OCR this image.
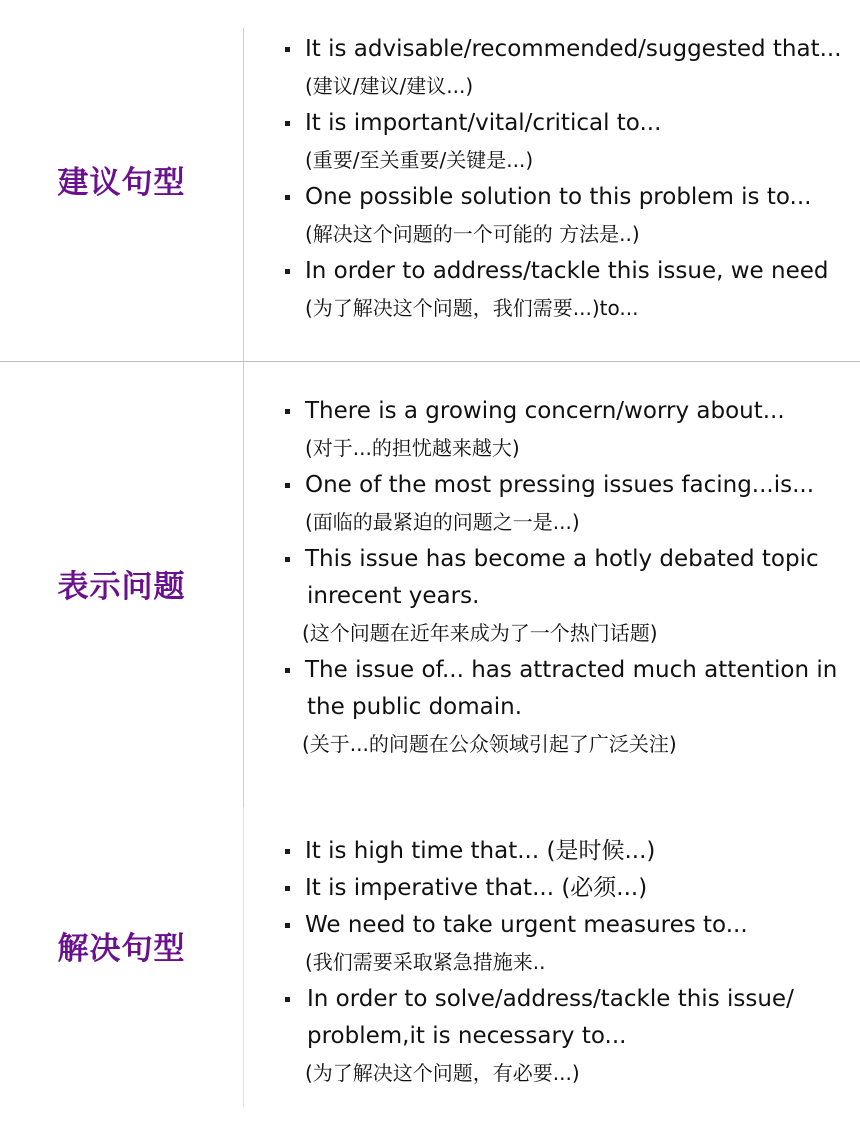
建议句型
It is advisable/recommended/suggested that...
(建议/建议/建议...)
It is important/vital/critical to...
(重要/至关重要/关键是...)
One possible solution to this problem is to...
(解决这个问题的一个可能的 方法是..)
In order to address/tackle this issue, we need
(为了解决这个问题，我们需要...)to...
表示问题
There is a growing concern/worry about...
(对于...的担忧越来越大)
One of the most pressing issues facing...is...
(面临的最紧迫的问题之一是...)
This issue has become a hotly debated topic
inrecent years.
(这个问题在近年来成为了一个热门话题)
The issue of... has attracted much attention in
the public domain.
(关于...的问题在公众领域引起了广泛关注)
解决句型
It is high time that... (是时候...)
It is imperative that... (必须...)
We need to take urgent measures to...
(我们需要采取紧急措施来..
In order to solve/address/tackle this issue/
problem,it is necessary to...
(为了解决这个问题，有必要...)
